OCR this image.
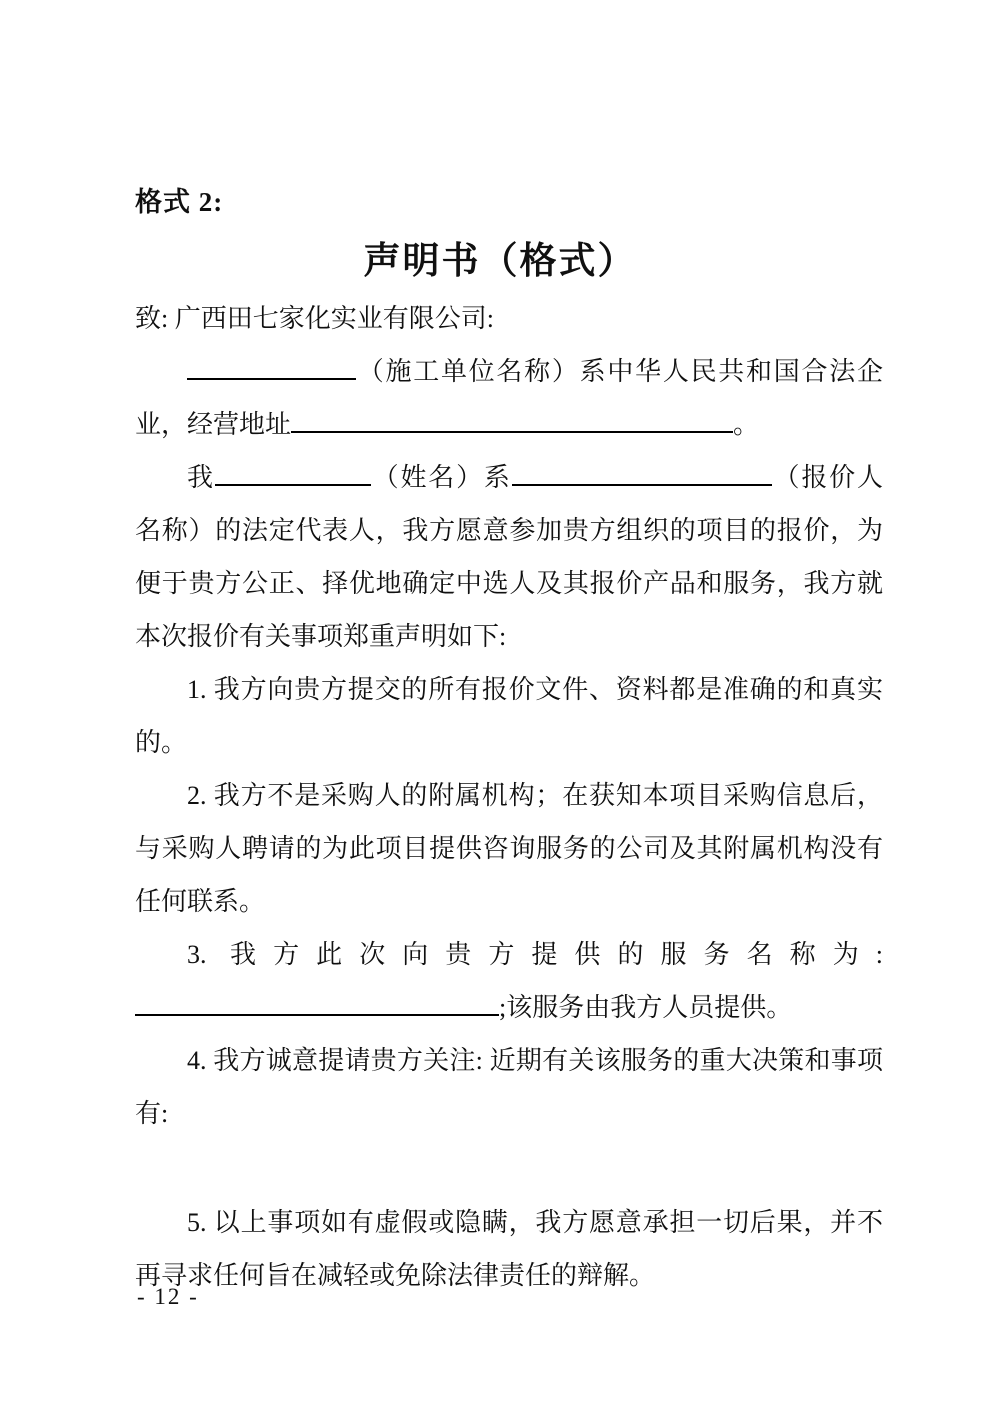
格式 2:
声明书（格式）

致: 广西田七家化实业有限公司:

（施工单位名称）系中华人民共和国合法企业，经营地址	。

我	（姓名）系	（报价人名称）的法定代表人，我方愿意参加贵方组织的项目的报价，为便于贵方公正、择优地确定中选人及其报价产品和服务，我方就本次报价有关事项郑重声明如下:

1. 我方向贵方提交的所有报价文件、资料都是准确的和真实的。

2. 我方不是采购人的附属机构；在获知本项目采购信息后，与采购人聘请的为此项目提供咨询服务的公司及其附属机构没有任何联系。

3. 我方此次向贵方提供的服务名称为:;该服务由我方人员提供。

4. 我方诚意提请贵方关注: 近期有关该服务的重大决策和事项有:

5. 以上事项如有虚假或隐瞒，我方愿意承担一切后果，并不再寻求任何旨在减轻或免除法律责任的辩解。

- 12 -
